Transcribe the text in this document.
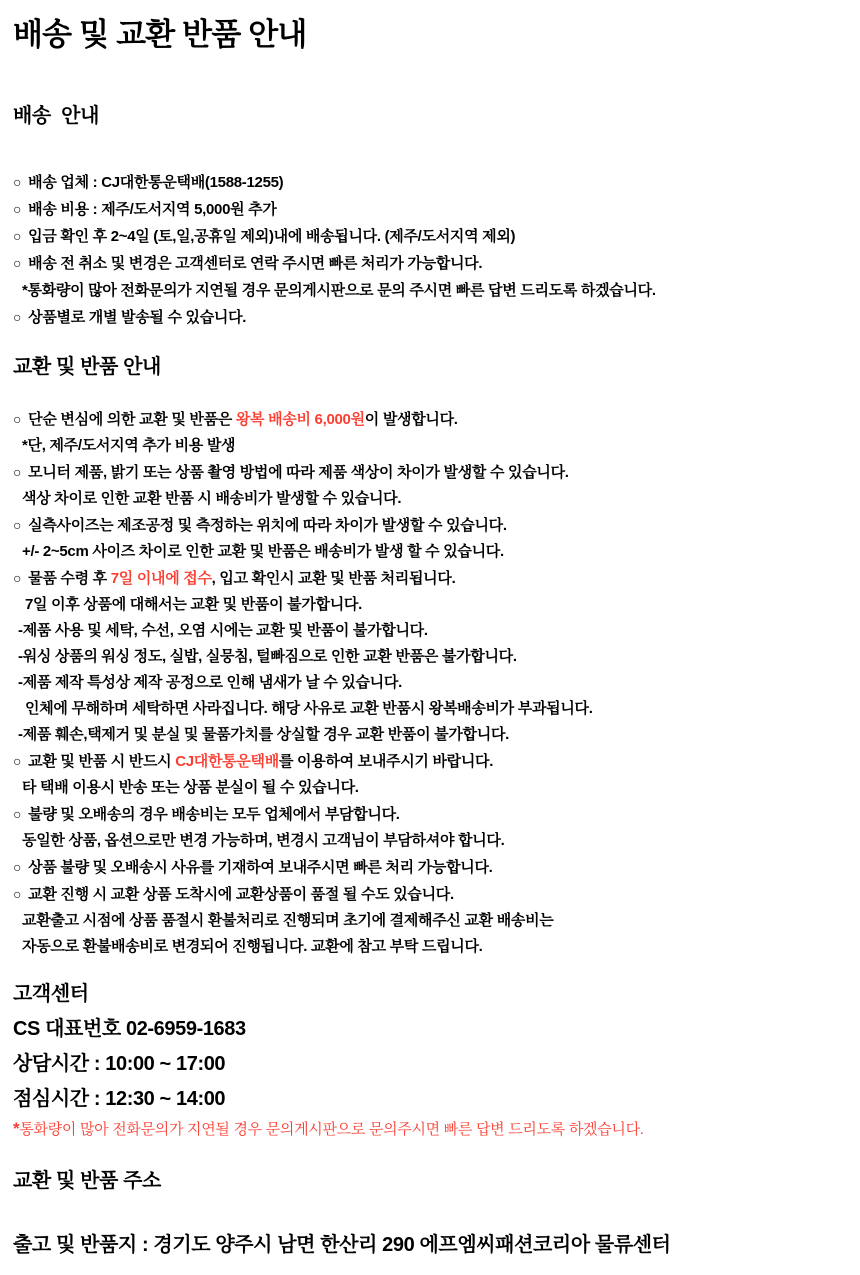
배송 및 교환 반품 안내
배송  안내
○ 배송 업체 : CJ대한통운택배(1588-1255)
○ 배송 비용 : 제주/도서지역 5,000원 추가
○ 입금 확인 후 2~4일 (토,일,공휴일 제외)내에 배송됩니다. (제주/도서지역 제외)
○ 배송 전 취소 및 변경은 고객센터로 연락 주시면 빠른 처리가 가능합니다.
*통화량이 많아 전화문의가 지연될 경우 문의게시판으로 문의 주시면 빠른 답변 드리도록 하겠습니다.
○ 상품별로 개별 발송될 수 있습니다.
교환 및 반품 안내
○ 단순 변심에 의한 교환 및 반품은 왕복 배송비 6,000원이 발생합니다.
*단, 제주/도서지역 추가 비용 발생
○ 모니터 제품, 밝기 또는 상품 촬영 방법에 따라 제품 색상이 차이가 발생할 수 있습니다.
색상 차이로 인한 교환 반품 시 배송비가 발생할 수 있습니다.
○ 실측사이즈는 제조공정 및 측정하는 위치에 따라 차이가 발생할 수 있습니다.
+/- 2~5cm 사이즈 차이로 인한 교환 및 반품은 배송비가 발생 할 수 있습니다.
○ 물품 수령 후 7일 이내에 접수, 입고 확인시 교환 및 반품 처리됩니다.
7일 이후 상품에 대해서는 교환 및 반품이 불가합니다.
-제품 사용 및 세탁, 수선, 오염 시에는 교환 및 반품이 불가합니다.
-워싱 상품의 워싱 정도, 실밥, 실뭉침, 털빠짐으로 인한 교환 반품은 불가합니다.
-제품 제작 특성상 제작 공정으로 인해 냄새가 날 수 있습니다.
인체에 무해하며 세탁하면 사라집니다. 해당 사유로 교환 반품시 왕복배송비가 부과됩니다.
-제품 훼손,택제거 및 분실 및 물품가치를 상실할 경우 교환 반품이 불가합니다.
○ 교환 및 반품 시 반드시 CJ대한통운택배를 이용하여 보내주시기 바랍니다.
타 택배 이용시 반송 또는 상품 분실이 될 수 있습니다.
○ 불량 및 오배송의 경우 배송비는 모두 업체에서 부담합니다.
동일한 상품, 옵션으로만 변경 가능하며, 변경시 고객님이 부담하셔야 합니다.
○ 상품 불량 및 오배송시 사유를 기재하여 보내주시면 빠른 처리 가능합니다.
○ 교환 진행 시 교환 상품 도착시에 교환상품이 품절 될 수도 있습니다.
교환출고 시점에 상품 품절시 환불처리로 진행되며 초기에 결제해주신 교환 배송비는
자동으로 환불배송비로 변경되어 진행됩니다. 교환에 참고 부탁 드립니다.

고객센터

CS 대표번호 02-6959-1683

상담시간 : 10:00 ~ 17:00

점심시간 : 12:30 ~ 14:00

*통화량이 많아 전화문의가 지연될 경우 문의게시판으로 문의주시면 빠른 답변 드리도록 하겠습니다.

교환 및 반품 주소

출고 및 반품지 : 경기도 양주시 남면 한산리 290 에프엠씨패션코리아 물류센터
